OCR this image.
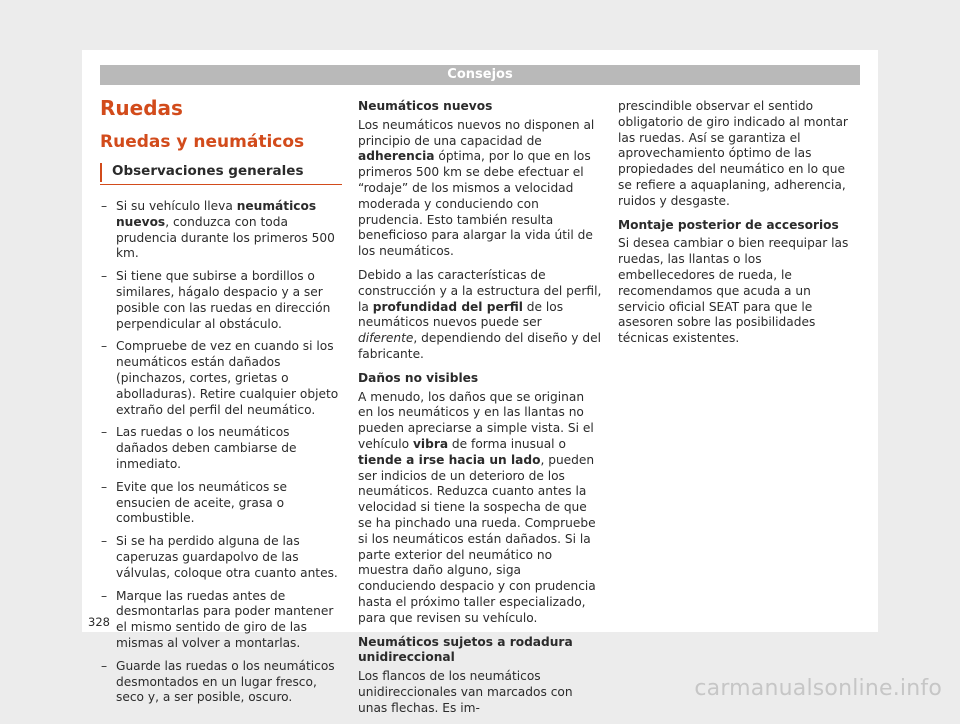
Consejos
Ruedas
Ruedas y neumáticos
Observaciones generales
– Si su vehículo lleva neumáticos nuevos, conduzca con toda prudencia durante los primeros 500 km.
– Si tiene que subirse a bordillos o similares, hágalo despacio y a ser posible con las ruedas en dirección perpendicular al obstáculo.
– Compruebe de vez en cuando si los neumáticos están dañados (pinchazos, cortes, grietas o abolladuras). Retire cualquier objeto extraño del perfil del neumático.
– Las ruedas o los neumáticos dañados deben cambiarse de inmediato.
– Evite que los neumáticos se ensucien de aceite, grasa o combustible.
– Si se ha perdido alguna de las caperuzas guardapolvo de las válvulas, coloque otra cuanto antes.
– Marque las ruedas antes de desmontarlas para poder mantener el mismo sentido de giro de las mismas al volver a montarlas.
– Guarde las ruedas o los neumáticos desmontados en un lugar fresco, seco y, a ser posible, oscuro.
Neumáticos nuevos

Los neumáticos nuevos no disponen al principio de una capacidad de adherencia óptima, por lo que en los primeros 500 km se debe efectuar el “rodaje” de los mismos a velocidad moderada y conduciendo con prudencia. Esto también resulta beneficioso para alargar la vida útil de los neumáticos.

Debido a las características de construcción y a la estructura del perfil, la profundidad del perfil de los neumáticos nuevos puede ser diferente, dependiendo del diseño y del fabricante.

Daños no visibles

A menudo, los daños que se originan en los neumáticos y en las llantas no pueden apreciarse a simple vista. Si el vehículo vibra de forma inusual o tiende a irse hacia un lado, pueden ser indicios de un deterioro de los neumáticos. Reduzca cuanto antes la velocidad si tiene la sospecha de que se ha pinchado una rueda. Compruebe si los neumáticos están dañados. Si la parte exterior del neumático no muestra daño alguno, siga conduciendo despacio y con prudencia hasta el próximo taller especializado, para que revisen su vehículo.

Neumáticos sujetos a rodadura unidireccional

Los flancos de los neumáticos unidireccionales van marcados con unas flechas. Es im-

prescindible observar el sentido obligatorio de giro indicado al montar las ruedas. Así se garantiza el aprovechamiento óptimo de las propiedades del neumático en lo que se refiere a aquaplaning, adherencia, ruidos y desgaste.

Montaje posterior de accesorios

Si desea cambiar o bien reequipar las ruedas, las llantas o los embellecedores de rueda, le recomendamos que acuda a un servicio oficial SEAT para que le asesoren sobre las posibilidades técnicas existentes.

328
carmanualsonline.info
